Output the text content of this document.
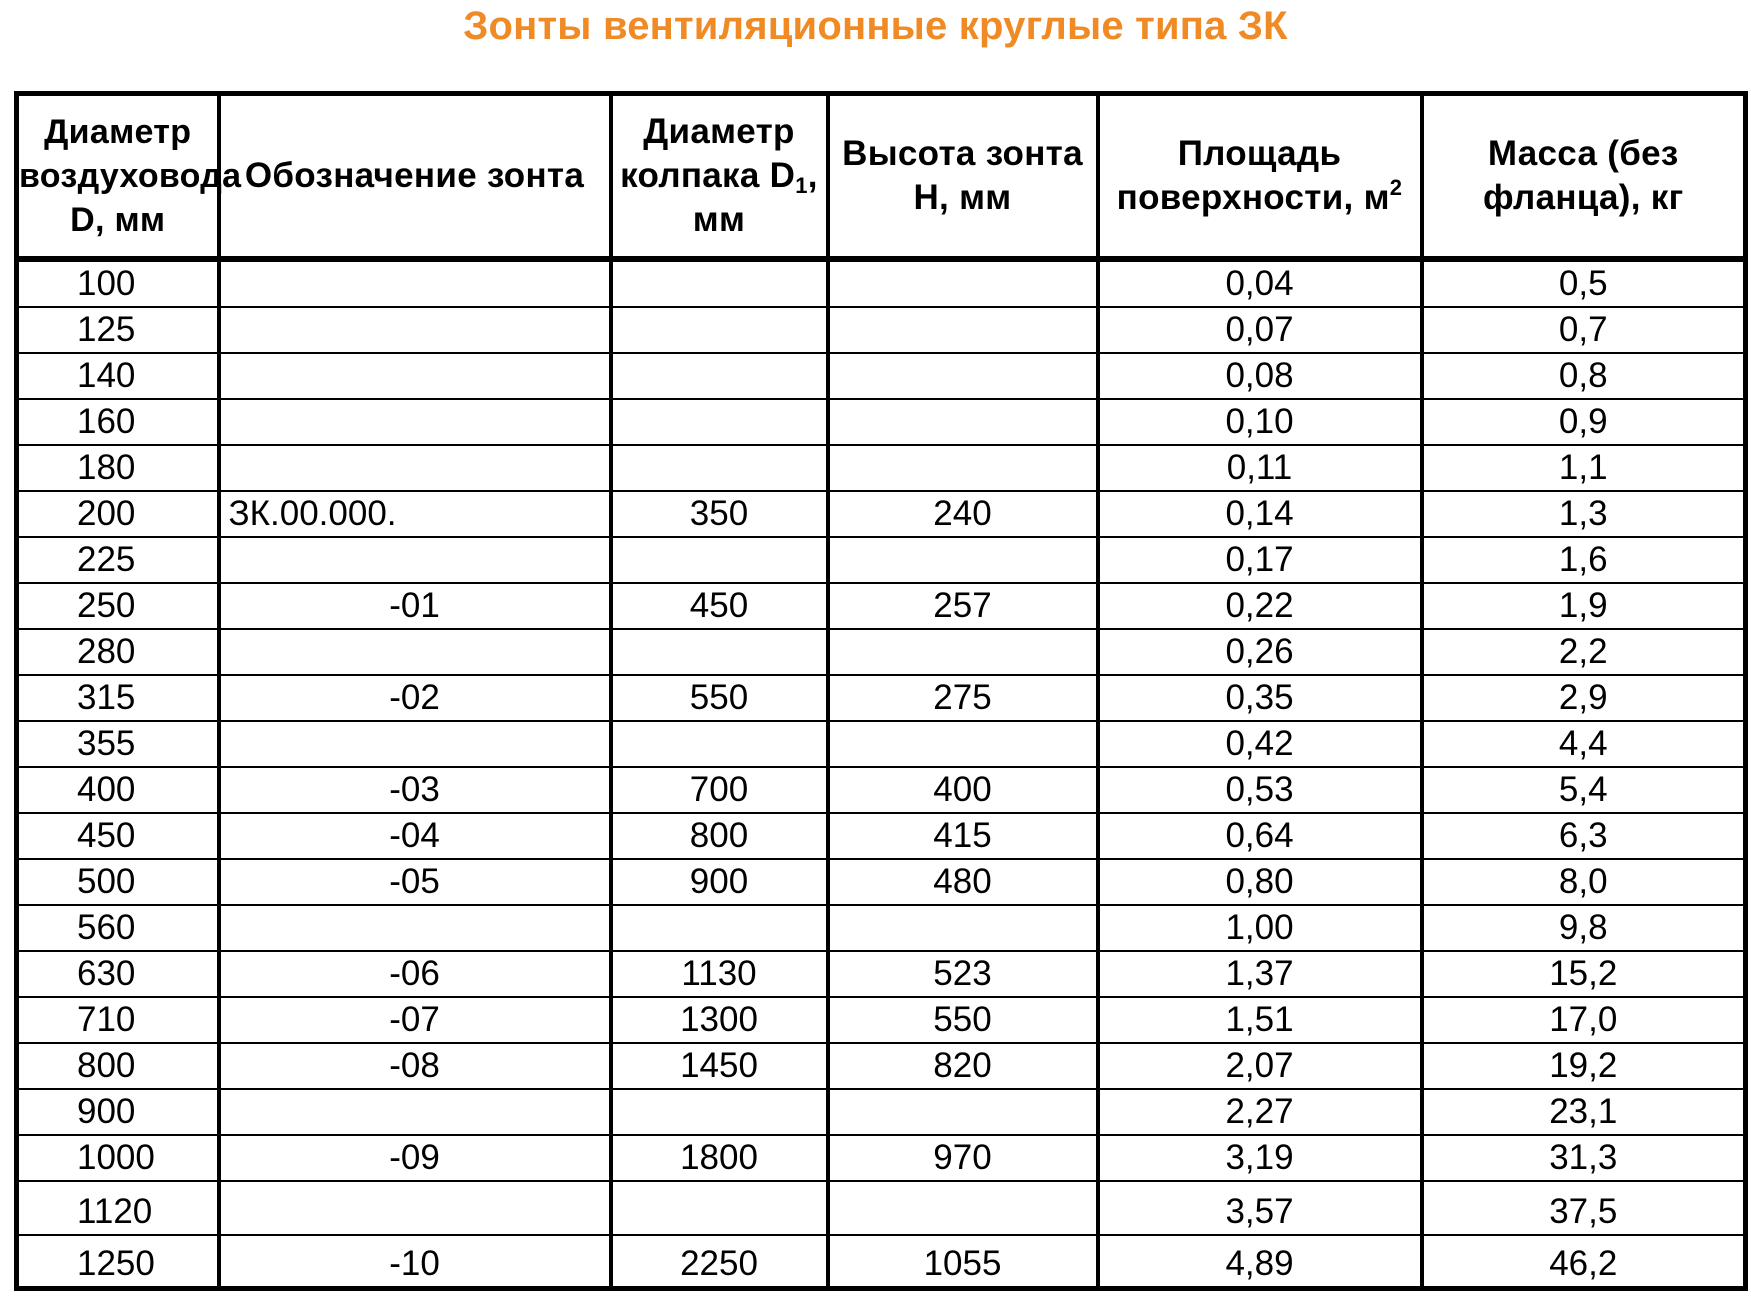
Зонты вентиляционные круглые типа ЗК
Диаметр воздуховода D, мм	Обозначение зонта	Диаметр колпака $D_1$, мм	Высота зонта Н, мм	Площадь поверхности, $м^2$	Масса (без фланца), кг
100				0,04	0,5
125				0,07	0,7
140				0,08	0,8
160				0,10	0,9
180				0,11	1,1
200	ЗК.00.000.	350	240	0,14	1,3
225				0,17	1,6
250	-01	450	257	0,22	1,9
280				0,26	2,2
315	-02	550	275	0,35	2,9
355				0,42	4,4
400	-03	700	400	0,53	5,4
450	-04	800	415	0,64	6,3
500	-05	900	480	0,80	8,0
560				1,00	9,8
630	-06	1130	523	1,37	15,2
710	-07	1300	550	1,51	17,0
800	-08	1450	820	2,07	19,2
900				2,27	23,1
1000	-09	1800	970	3,19	31,3
1120				3,57	37,5
1250	-10	2250	1055	4,89	46,2
